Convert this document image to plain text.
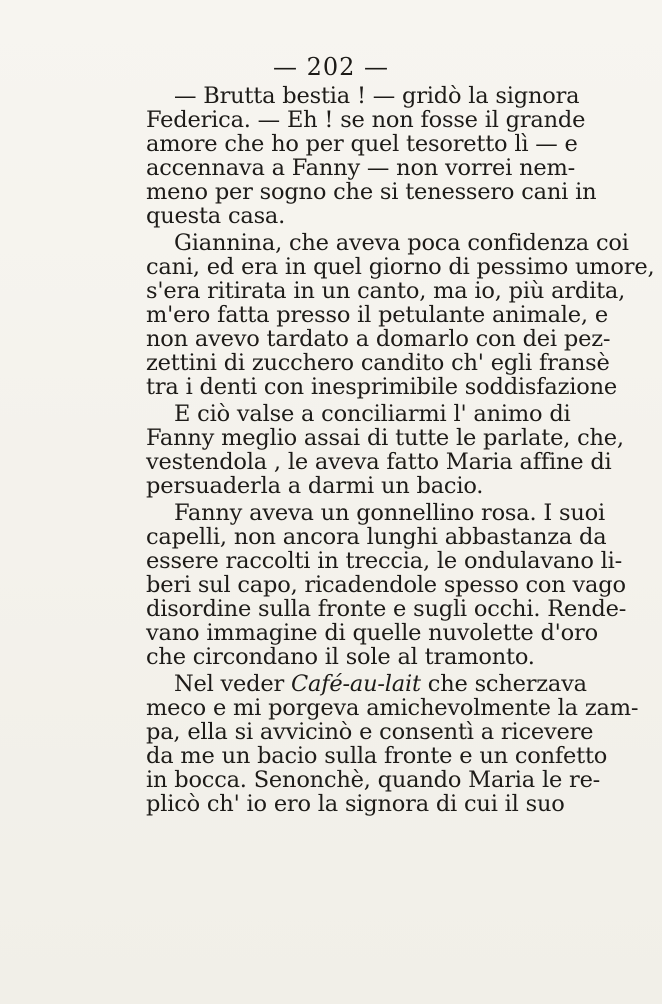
— 202 —
— Brutta bestia ! — gridò la signora
Federica. — Eh ! se non fosse il grande
amore che ho per quel tesoretto lì — e
accennava a Fanny — non vorrei nem-
meno per sogno che si tenessero cani in
questa casa.
Giannina, che aveva poca confidenza coi
cani, ed era in quel giorno di pessimo umore,
s'era ritirata in un canto, ma io, più ardita,
m'ero fatta presso il petulante animale, e
non avevo tardato a domarlo con dei pez-
zettini di zucchero candito ch' egli fransè
tra i denti con inesprimibile soddisfazione
E ciò valse a conciliarmi l' animo di
Fanny meglio assai di tutte le parlate, che,
vestendola , le aveva fatto Maria affine di
persuaderla a darmi un bacio.
Fanny aveva un gonnellino rosa. I suoi
capelli, non ancora lunghi abbastanza da
essere raccolti in treccia, le ondulavano li-
beri sul capo, ricadendole spesso con vago
disordine sulla fronte e sugli occhi. Rende-
vano immagine di quelle nuvolette d'oro
che circondano il sole al tramonto.
Nel veder Café-au-lait che scherzava
meco e mi porgeva amichevolmente la zam-
pa, ella si avvicinò e consentì a ricevere
da me un bacio sulla fronte e un confetto
in bocca. Senonchè, quando Maria le re-
plicò ch' io ero la signora di cui il suo
